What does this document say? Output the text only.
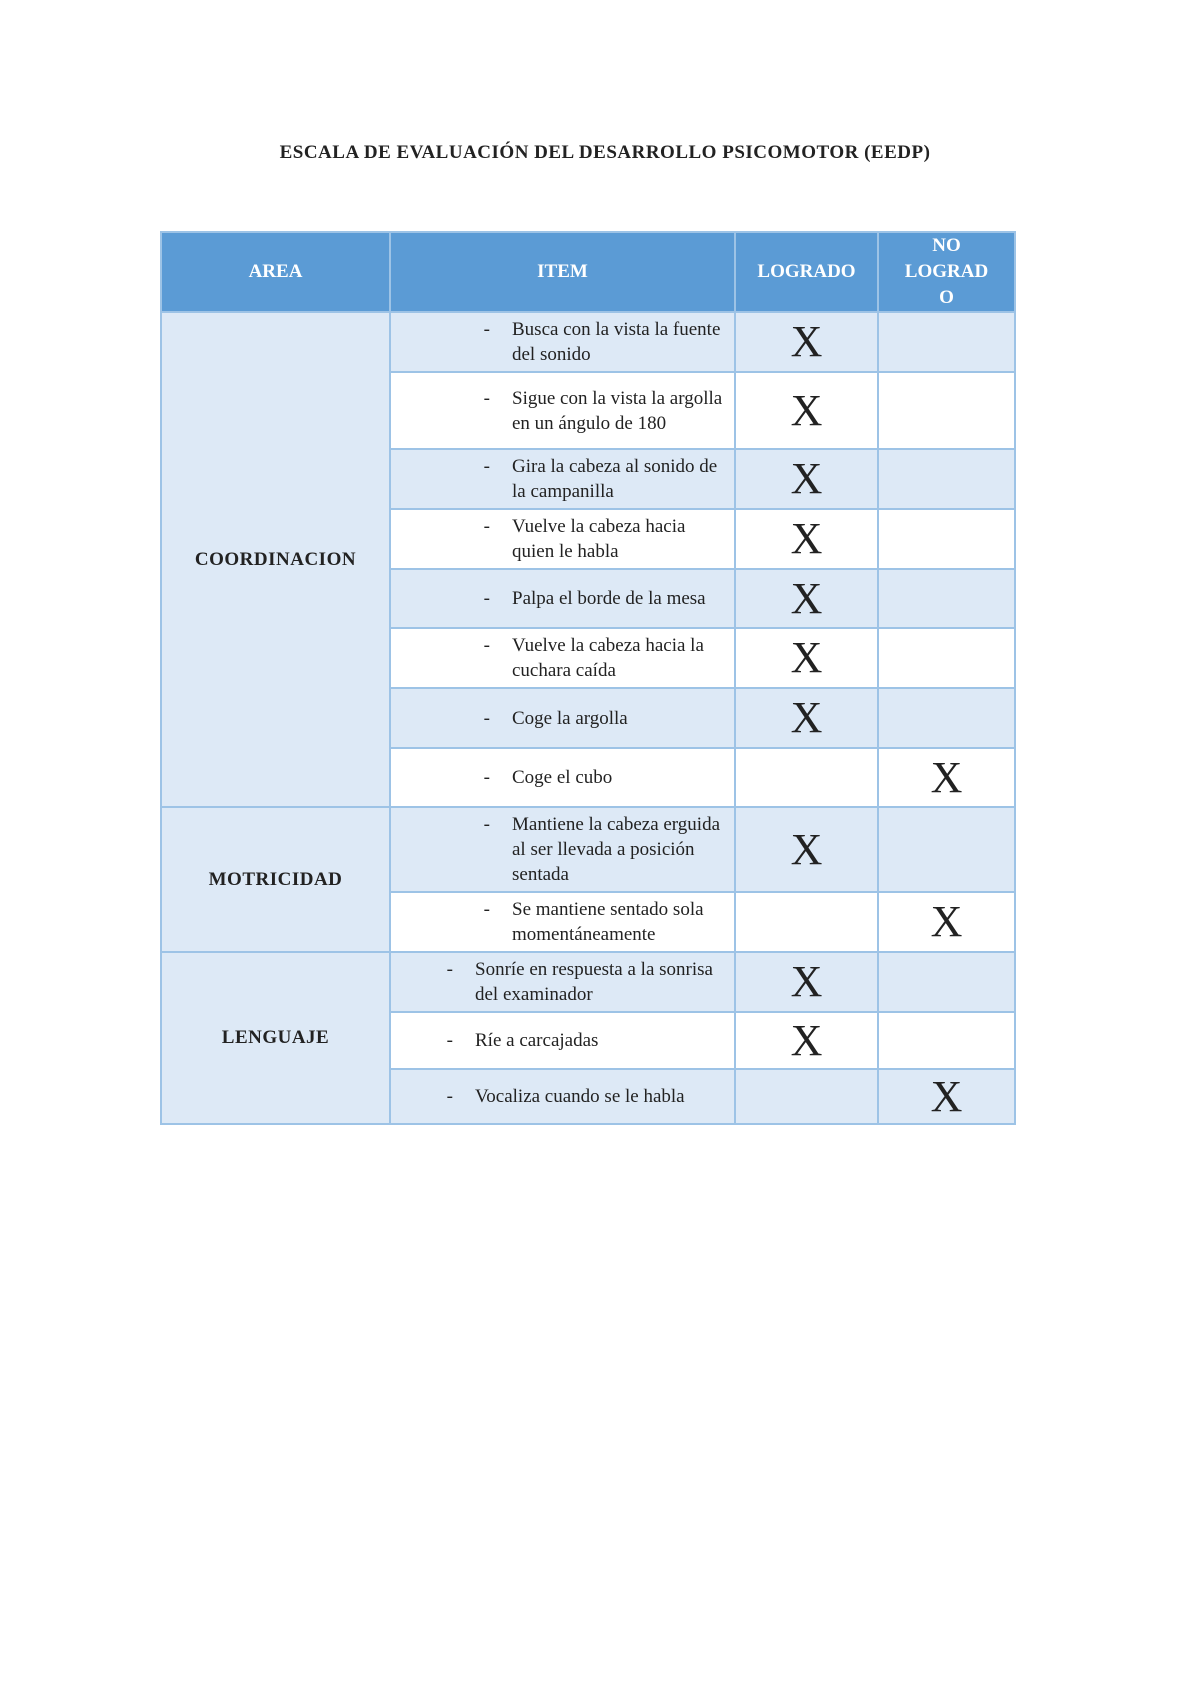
ESCALA DE EVALUACIÓN DEL DESARROLLO PSICOMOTOR (EEDP)
AREA	ITEM	LOGRADO	NO
LOGRAD
O

COORDINACION	- Busca con la vista la fuente del sonido	X	

	- Sigue con la vista la argolla en un ángulo de 180	X	

	- Gira la cabeza al sonido de la campanilla	X	

	- Vuelve la cabeza hacia quien le habla	X	

	- Palpa el borde de la mesa	X	

	- Vuelve la cabeza hacia la cuchara caída	X	

	- Coge la argolla	X	

	- Coge el cubo		X
MOTRICIDAD	- Mantiene la cabeza erguida al ser llevada a posición sentada	X	

	- Se mantiene sentado sola momentáneamente		X
LENGUAJE	- Sonríe en respuesta a la sonrisa del examinador	X	

	- Ríe a carcajadas	X	

	- Vocaliza cuando se le habla		X
